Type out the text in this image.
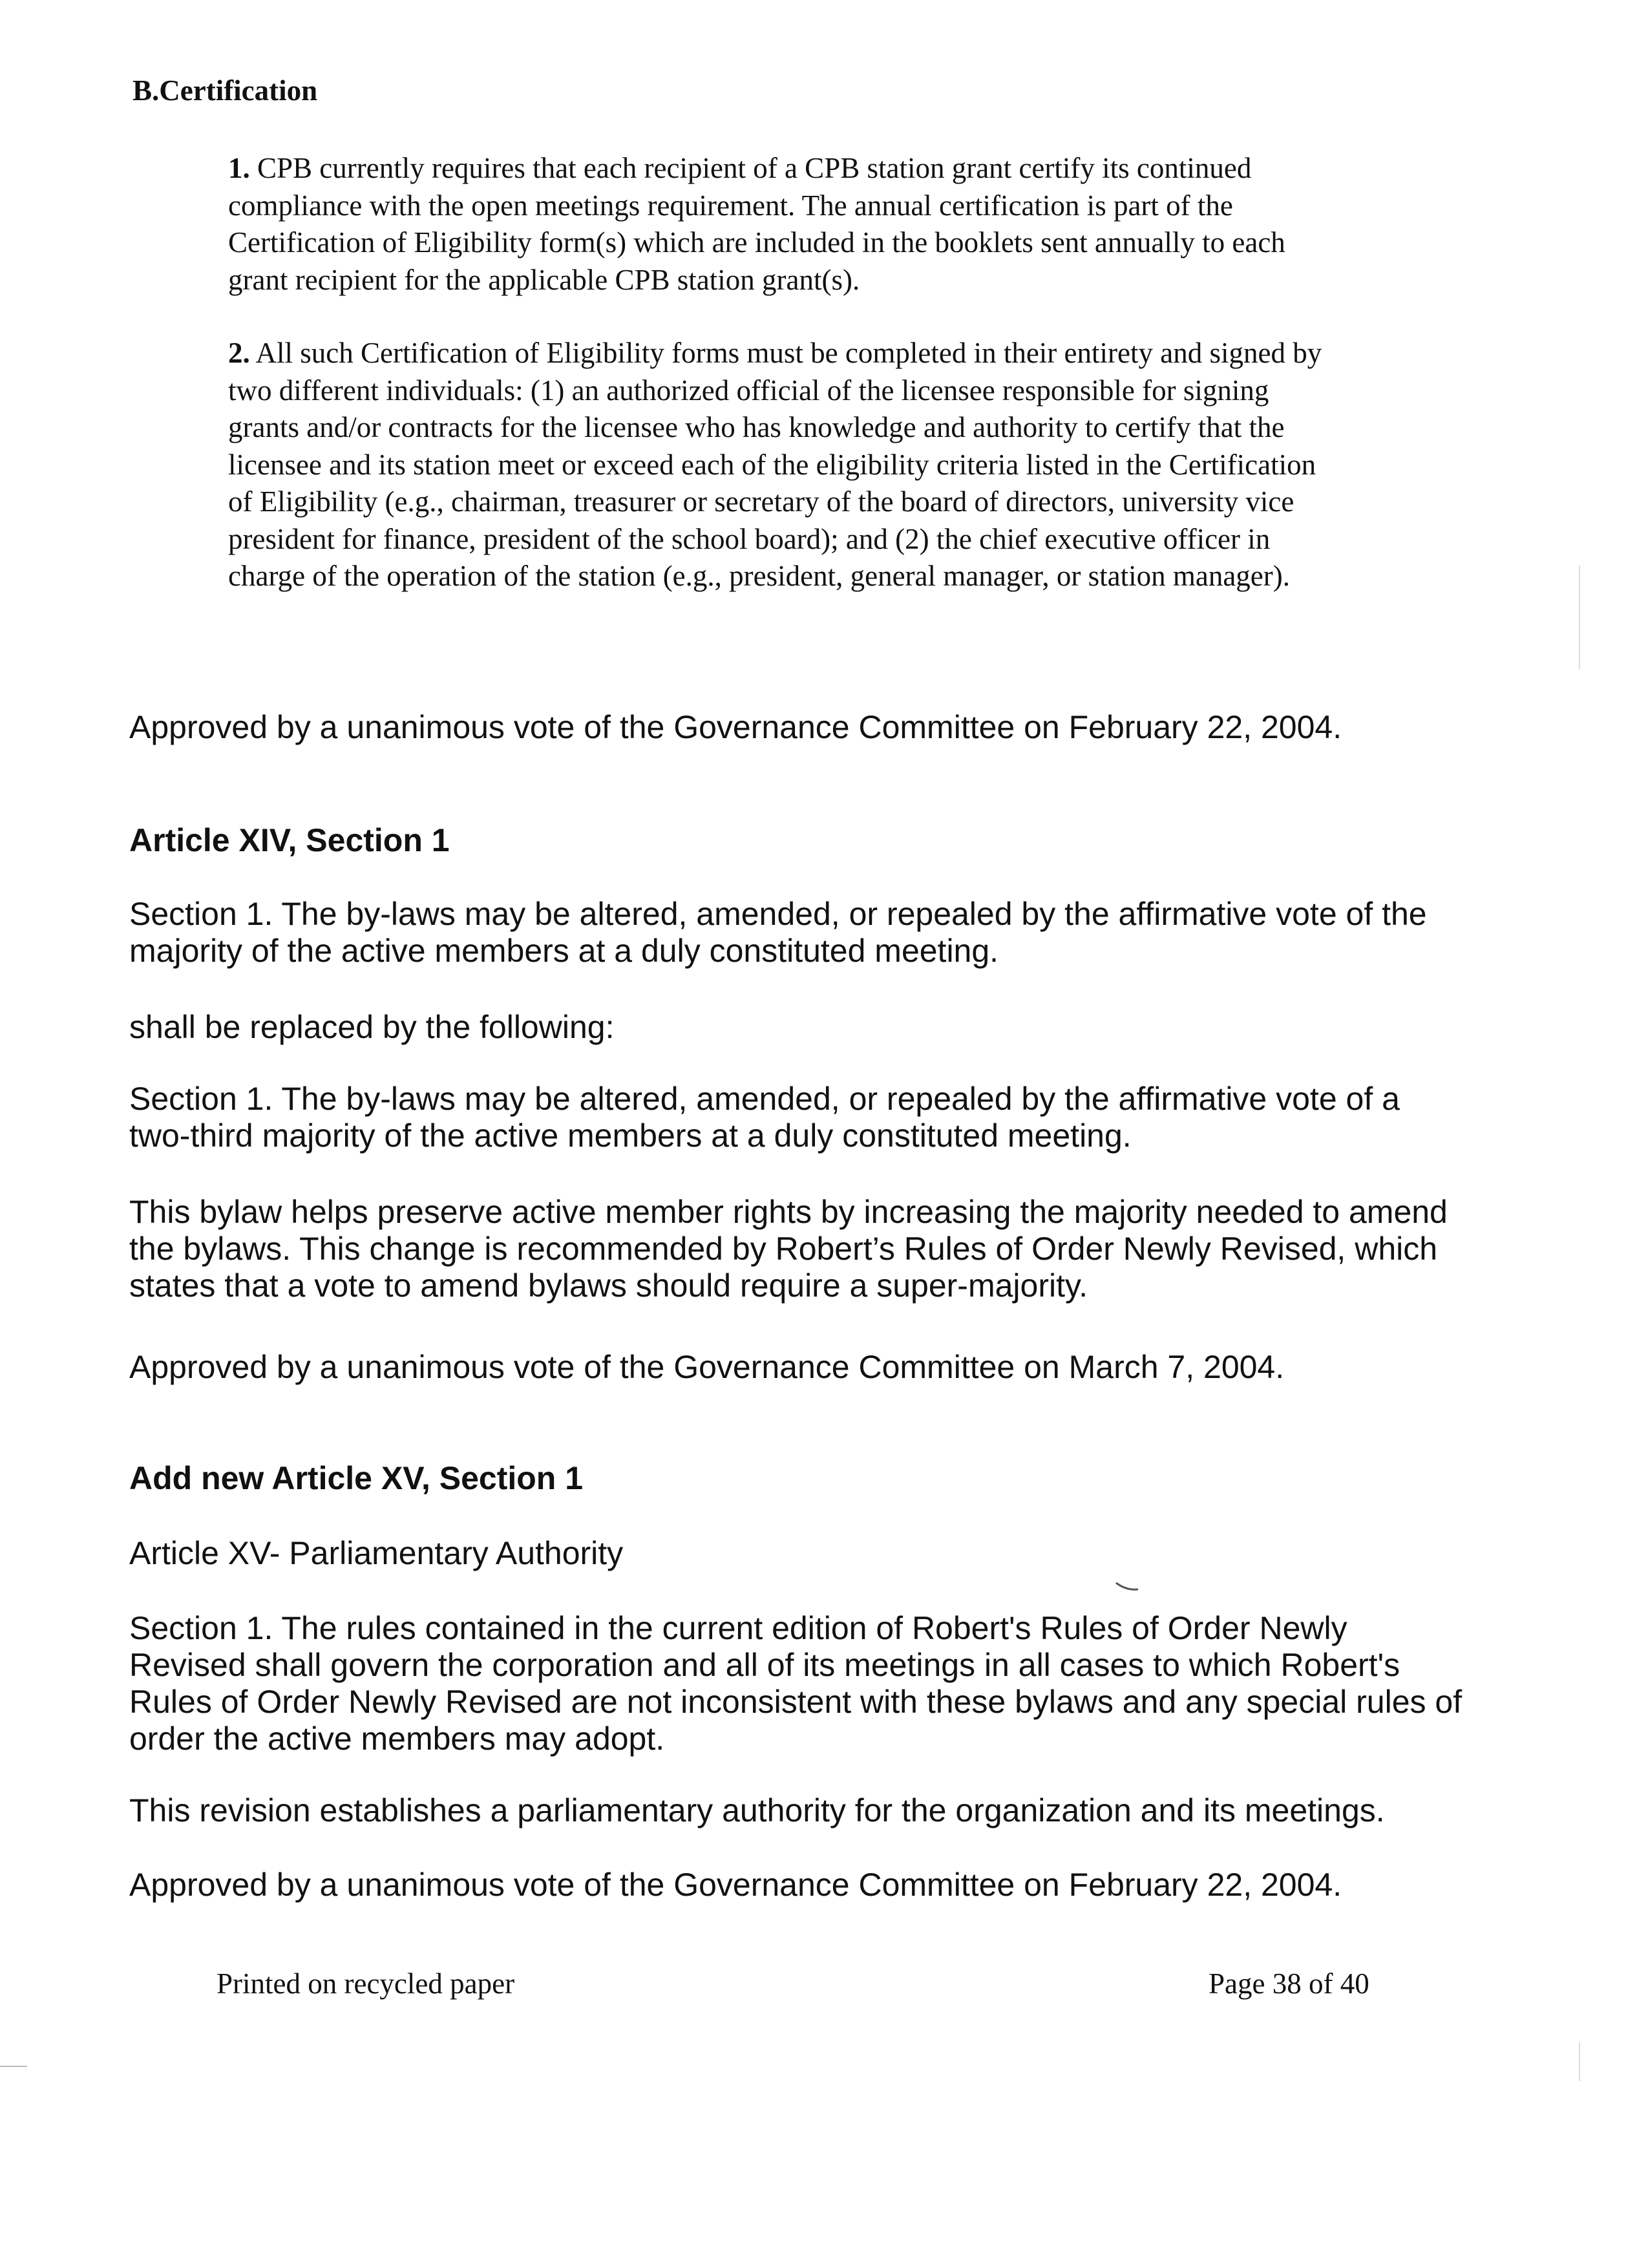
B.Certification

1. CPB currently requires that each recipient of a CPB station grant certify its continued
compliance with the open meetings requirement. The annual certification is part of the
Certification of Eligibility form(s) which are included in the booklets sent annually to each
grant recipient for the applicable CPB station grant(s).

2. All such Certification of Eligibility forms must be completed in their entirety and signed by
two different individuals: (1) an authorized official of the licensee responsible for signing
grants and/or contracts for the licensee who has knowledge and authority to certify that the
licensee and its station meet or exceed each of the eligibility criteria listed in the Certification
of Eligibility (e.g., chairman, treasurer or secretary of the board of directors, university vice
president for finance, president of the school board); and (2) the chief executive officer in
charge of the operation of the station (e.g., president, general manager, or station manager).

Approved by a unanimous vote of the Governance Committee on February 22, 2004.

Article XIV, Section 1

Section 1. The by-laws may be altered, amended, or repealed by the affirmative vote of the
majority of the active members at a duly constituted meeting.

shall be replaced by the following:

Section 1. The by-laws may be altered, amended, or repealed by the affirmative vote of a
two-third majority of the active members at a duly constituted meeting.

This bylaw helps preserve active member rights by increasing the majority needed to amend
the bylaws. This change is recommended by Robert’s Rules of Order Newly Revised, which
states that a vote to amend bylaws should require a super-majority.

Approved by a unanimous vote of the Governance Committee on March 7, 2004.

Add new Article XV, Section 1

Article XV- Parliamentary Authority

Section 1. The rules contained in the current edition of Robert's Rules of Order Newly
Revised shall govern the corporation and all of its meetings in all cases to which Robert's
Rules of Order Newly Revised are not inconsistent with these bylaws and any special rules of
order the active members may adopt.

This revision establishes a parliamentary authority for the organization and its meetings.

Approved by a unanimous vote of the Governance Committee on February 22, 2004.

Printed on recycled paper	Page 38 of 40
